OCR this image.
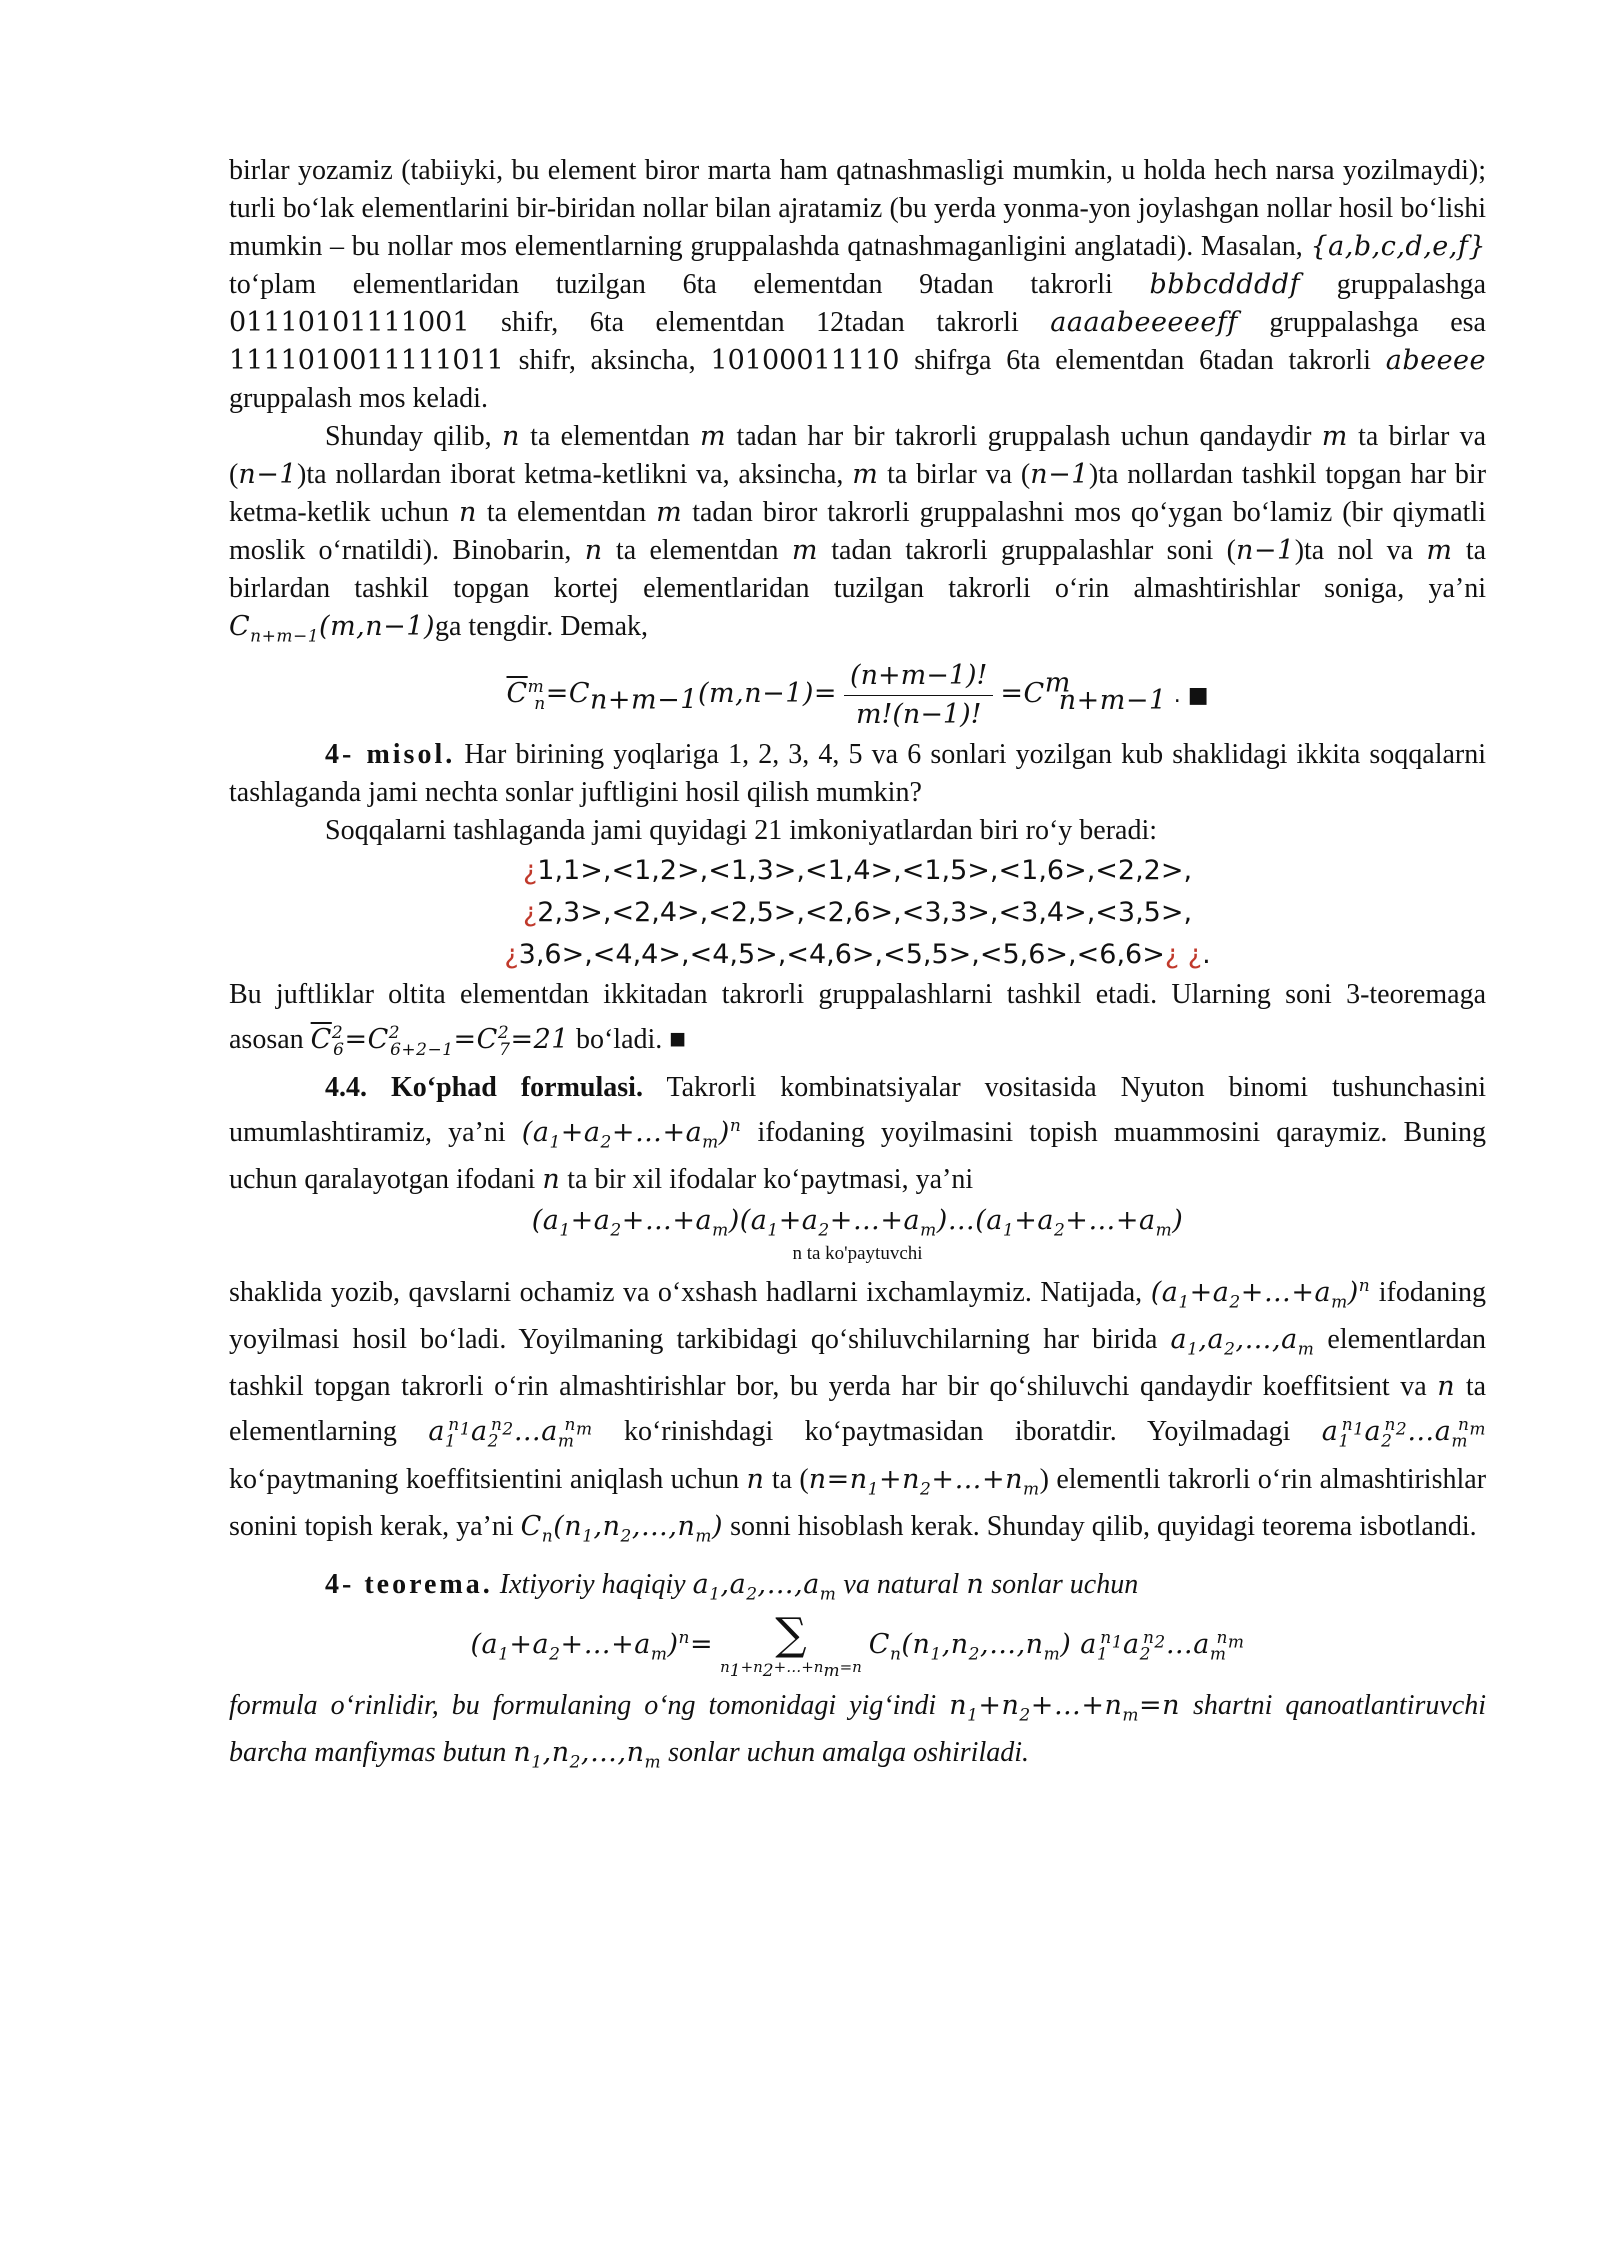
birlar yozamiz (tabiiyki, bu element biror marta ham qatnashmasligi mumkin, u holda hech narsa yozilmaydi); turli bo‘lak elementlarini bir-biridan nollar bilan ajratamiz (bu yerda yonma-yon joylashgan nollar hosil bo‘lishi mumkin – bu nollar mos elementlarning gruppalashda qatnashmaganligini anglatadi). Masalan, {a,b,c,d,e,f} to‘plam elementlaridan tuzilgan 6ta elementdan 9tadan takrorli bbbcddddf gruppalashga 01110101111001 shifr, 6ta elementdan 12tadan takrorli aaaabeeeeeff gruppalashga esa 1111010011111011 shifr, aksincha, 10100011110 shifrga 6ta elementdan 6tadan takrorli abeeee gruppalash mos keladi.

Shunday qilib, n ta elementdan m tadan har bir takrorli gruppalash uchun qandaydir m ta birlar va (n−1)ta nollardan iborat ketma-ketlikni va, aksincha, m ta birlar va (n−1)ta nollardan tashkil topgan har bir ketma-ketlik uchun n ta elementdan m tadan biror takrorli gruppalashni mos qo‘ygan bo‘lamiz (bir qiymatli moslik o‘rnatildi). Binobarin, n ta elementdan m tadan takrorli gruppalashlar soni (n−1)ta nol va m ta birlardan tashkil topgan kortej elementlaridan tuzilgan takrorli o‘rin almashtirishlar soniga, ya’ni $C_{n+m-1}(m,n-1)ga$ tengdir. Demak,

$\overline{C}^m_n=C_{n+m-1}(m,n-1)= \frac{(n+m-1)!}{m!(n-1)!} =C^m_{n+m-1}$ . ■

4- misol. Har birining yoqlariga 1, 2, 3, 4, 5 va 6 sonlari yozilgan kub shaklidagi ikkita soqqalarni tashlaganda jami nechta sonlar juftligini hosil qilish mumkin?

Soqqalarni tashlaganda jami quyidagi 21 imkoniyatlardan biri ro‘y beradi:

¿1,1>,<1,2>,<1,3>,<1,4>,<1,5>,<1,6>,<2,2>,
¿2,3>,<2,4>,<2,5>,<2,6>,<3,3>,<3,4>,<3,5>,
¿3,6>,<4,4>,<4,5>,<4,6>,<5,5>,<5,6>,<6,6>¿ ¿.

Bu juftliklar oltita elementdan ikkitadan takrorli gruppalashlarni tashkil etadi. Ularning soni 3-teoremaga asosan $\overline{C}^2_6=C^2_{6+2-1}=C^2_7=21$ bo‘ladi. ■

4.4. Ko‘phad formulasi. Takrorli kombinatsiyalar vositasida Nyuton binomi tushunchasini umumlashtiramiz, ya’ni $(a_1+a_2+\dots+a_m)^n$ ifodaning yoyilmasini topish muammosini qaraymiz. Buning uchun qaralayotgan ifodani n ta bir xil ifodalar ko‘paytmasi, ya’ni

$(a_1+a_2+\dots+a_m)(a_1+a_2+\dots+a_m)\dots(a_1+a_2+\dots+a_m)$
n ta ko'paytuvchi

shaklida yozib, qavslarni ochamiz va o‘xshash hadlarni ixchamlaymiz. Natijada, $(a_1+a_2+\dots+a_m)^n$ ifodaning yoyilmasi hosil bo‘ladi. Yoyilmaning tarkibidagi qo‘shiluvchilarning har birida $a_1,a_2,\dots,a_m$ elementlardan tashkil topgan takrorli o‘rin almashtirishlar bor, bu yerda har bir qo‘shiluvchi qandaydir koeffitsient va n ta elementlarning $a_1^{n_1}a_2^{n_2}\dots a_m^{n_m}$ ko‘rinishdagi ko‘paytmasidan iboratdir. Yoyilmadagi $a_1^{n_1}a_2^{n_2}\dots a_m^{n_m}$ ko‘paytmaning koeffitsientini aniqlash uchun n ta $(n=n_1+n_2+\dots+n_m)$ elementli takrorli o‘rin almashtirishlar sonini topish kerak, ya’ni $C_n(n_1,n_2,\dots,n_m)$ sonni hisoblash kerak. Shunday qilib, quyidagi teorema isbotlandi.

4- teorema. Ixtiyoriy haqiqiy $a_1,a_2,\dots,a_m$ va natural n sonlar uchun

$(a_1+a_2+\dots+a_m)^n=$	∑
$n_1+n_2+\dots+n_m=n$
$C_n(n_1,n_2,\dots,n_m)$ $a_1^{n_1}a_2^{n_2}\dots a_m^{n_m}$

formula o‘rinlidir, bu formulaning o‘ng tomonidagi yig‘indi $n_1+n_2+\dots+n_m=n$ shartni qanoatlantiruvchi barcha manfiymas butun $n_1,n_2,\dots,n_m$ sonlar uchun amalga oshiriladi.
